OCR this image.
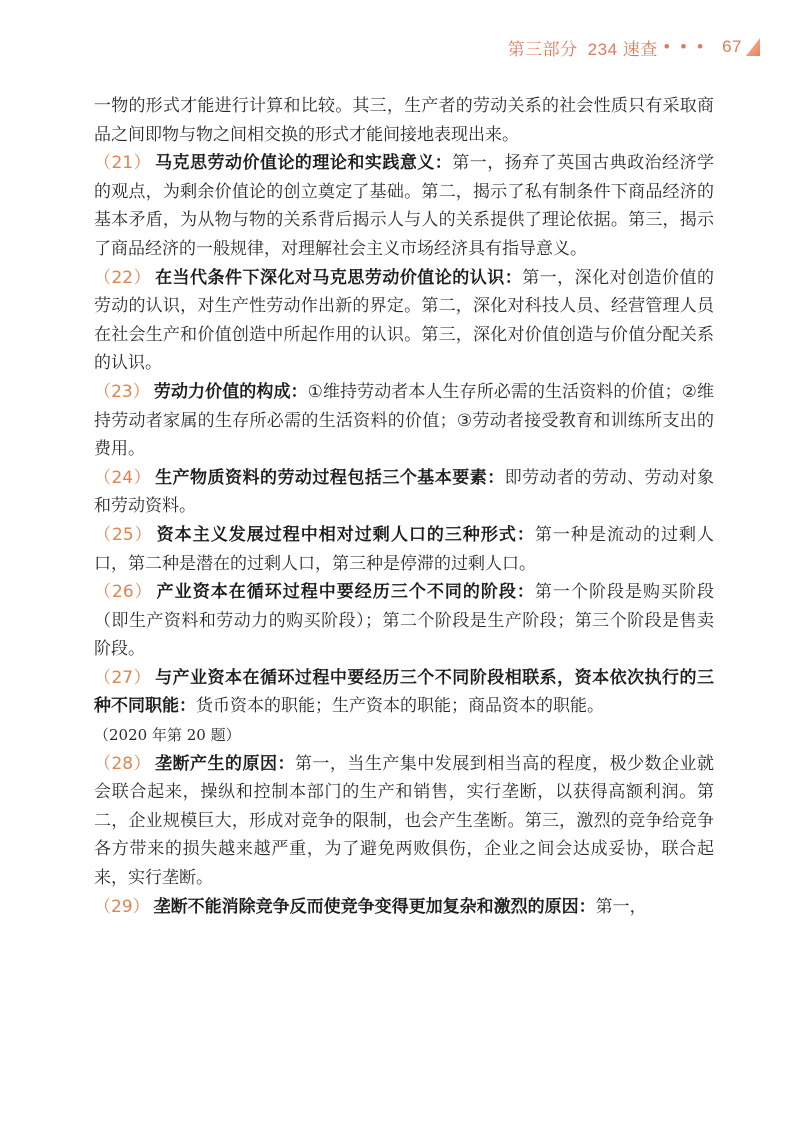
第三部分 234 速查 • • • 67

一物的形式才能进行计算和比较。其三，生产者的劳动关系的社会性质只有采取商品之间即物与物之间相交换的形式才能间接地表现出来。

（21） 马克思劳动价值论的理论和实践意义：第一，扬弃了英国古典政治经济学的观点，为剩余价值论的创立奠定了基础。第二，揭示了私有制条件下商品经济的基本矛盾，为从物与物的关系背后揭示人与人的关系提供了理论依据。第三，揭示了商品经济的一般规律，对理解社会主义市场经济具有指导意义。

（22） 在当代条件下深化对马克思劳动价值论的认识：第一，深化对创造价值的劳动的认识，对生产性劳动作出新的界定。第二，深化对科技人员、经营管理人员在社会生产和价值创造中所起作用的认识。第三，深化对价值创造与价值分配关系的认识。

（23） 劳动力价值的构成：①维持劳动者本人生存所必需的生活资料的价值；②维持劳动者家属的生存所必需的生活资料的价值；③劳动者接受教育和训练所支出的费用。

（24） 生产物质资料的劳动过程包括三个基本要素：即劳动者的劳动、劳动对象和劳动资料。

（25） 资本主义发展过程中相对过剩人口的三种形式：第一种是流动的过剩人口，第二种是潜在的过剩人口，第三种是停滞的过剩人口。

（26） 产业资本在循环过程中要经历三个不同的阶段：第一个阶段是购买阶段（即生产资料和劳动力的购买阶段）；第二个阶段是生产阶段；第三个阶段是售卖阶段。

（27） 与产业资本在循环过程中要经历三个不同阶段相联系，资本依次执行的三种不同职能：货币资本的职能；生产资本的职能；商品资本的职能。
（2020 年第 20 题）

（28） 垄断产生的原因：第一，当生产集中发展到相当高的程度，极少数企业就会联合起来，操纵和控制本部门的生产和销售，实行垄断，以获得高额利润。第二，企业规模巨大，形成对竞争的限制，也会产生垄断。第三，激烈的竞争给竞争各方带来的损失越来越严重，为了避免两败俱伤，企业之间会达成妥协，联合起来，实行垄断。

（29） 垄断不能消除竞争反而使竞争变得更加复杂和激烈的原因：第一，
